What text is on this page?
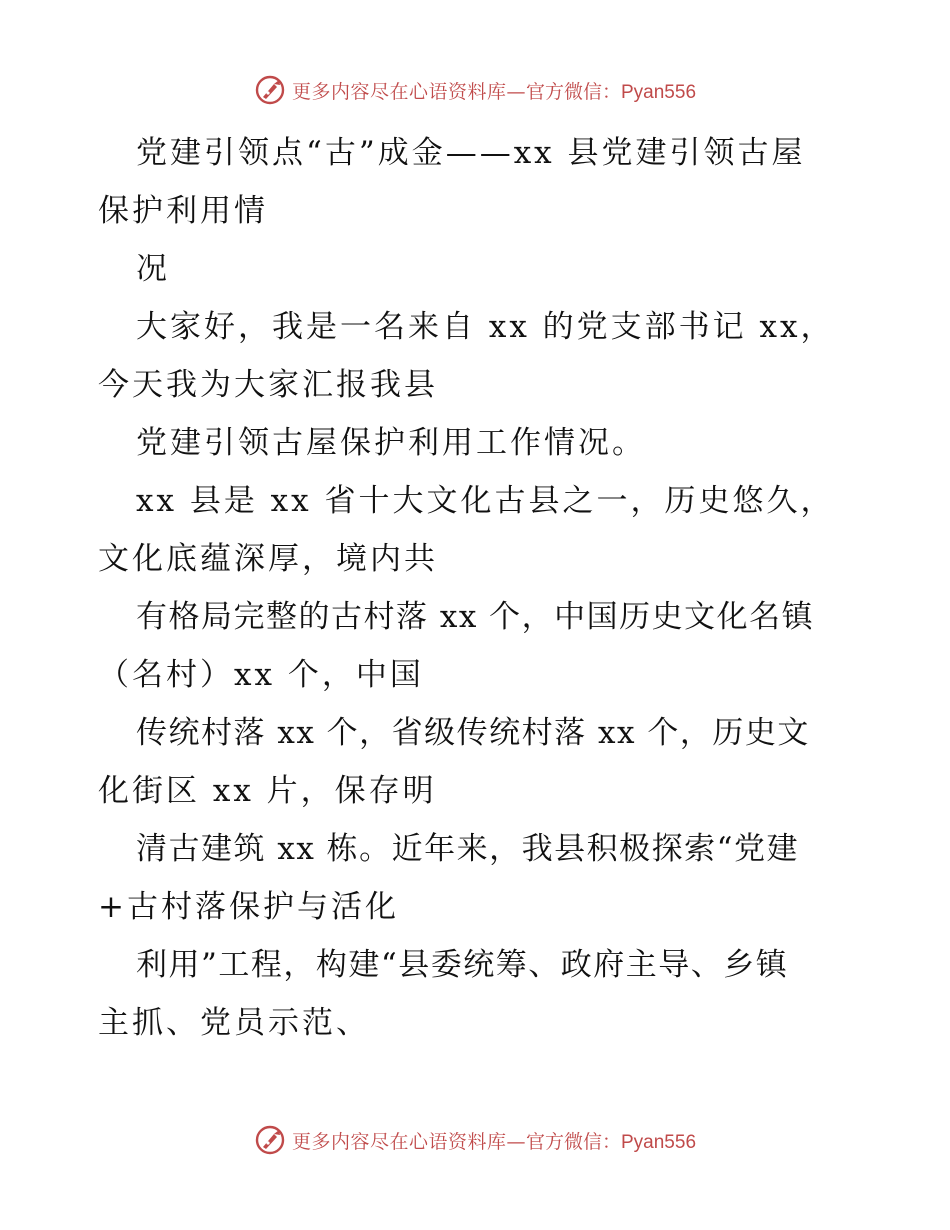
更多内容尽在心语资料库— 官方微信：Pyan556
党建引领点“古”成金——xx 县党建引领古屋
保护利用情
况
大家好，我是一名来自 xx 的党支部书记 xx，
今天我为大家汇报我县
党建引领古屋保护利用工作情况。
xx 县是 xx 省十大文化古县之一，历史悠久，
文化底蕴深厚，境内共
有格局完整的古村落 xx 个，中国历史文化名镇
（名村）xx 个，中国
传统村落 xx 个，省级传统村落 xx 个，历史文
化街区 xx 片，保存明
清古建筑 xx 栋。近年来，我县积极探索“党建
+古村落保护与活化
利用”工程，构建“县委统筹、政府主导、乡镇
主抓、党员示范、
更多内容尽在心语资料库— 官方微信：Pyan556
